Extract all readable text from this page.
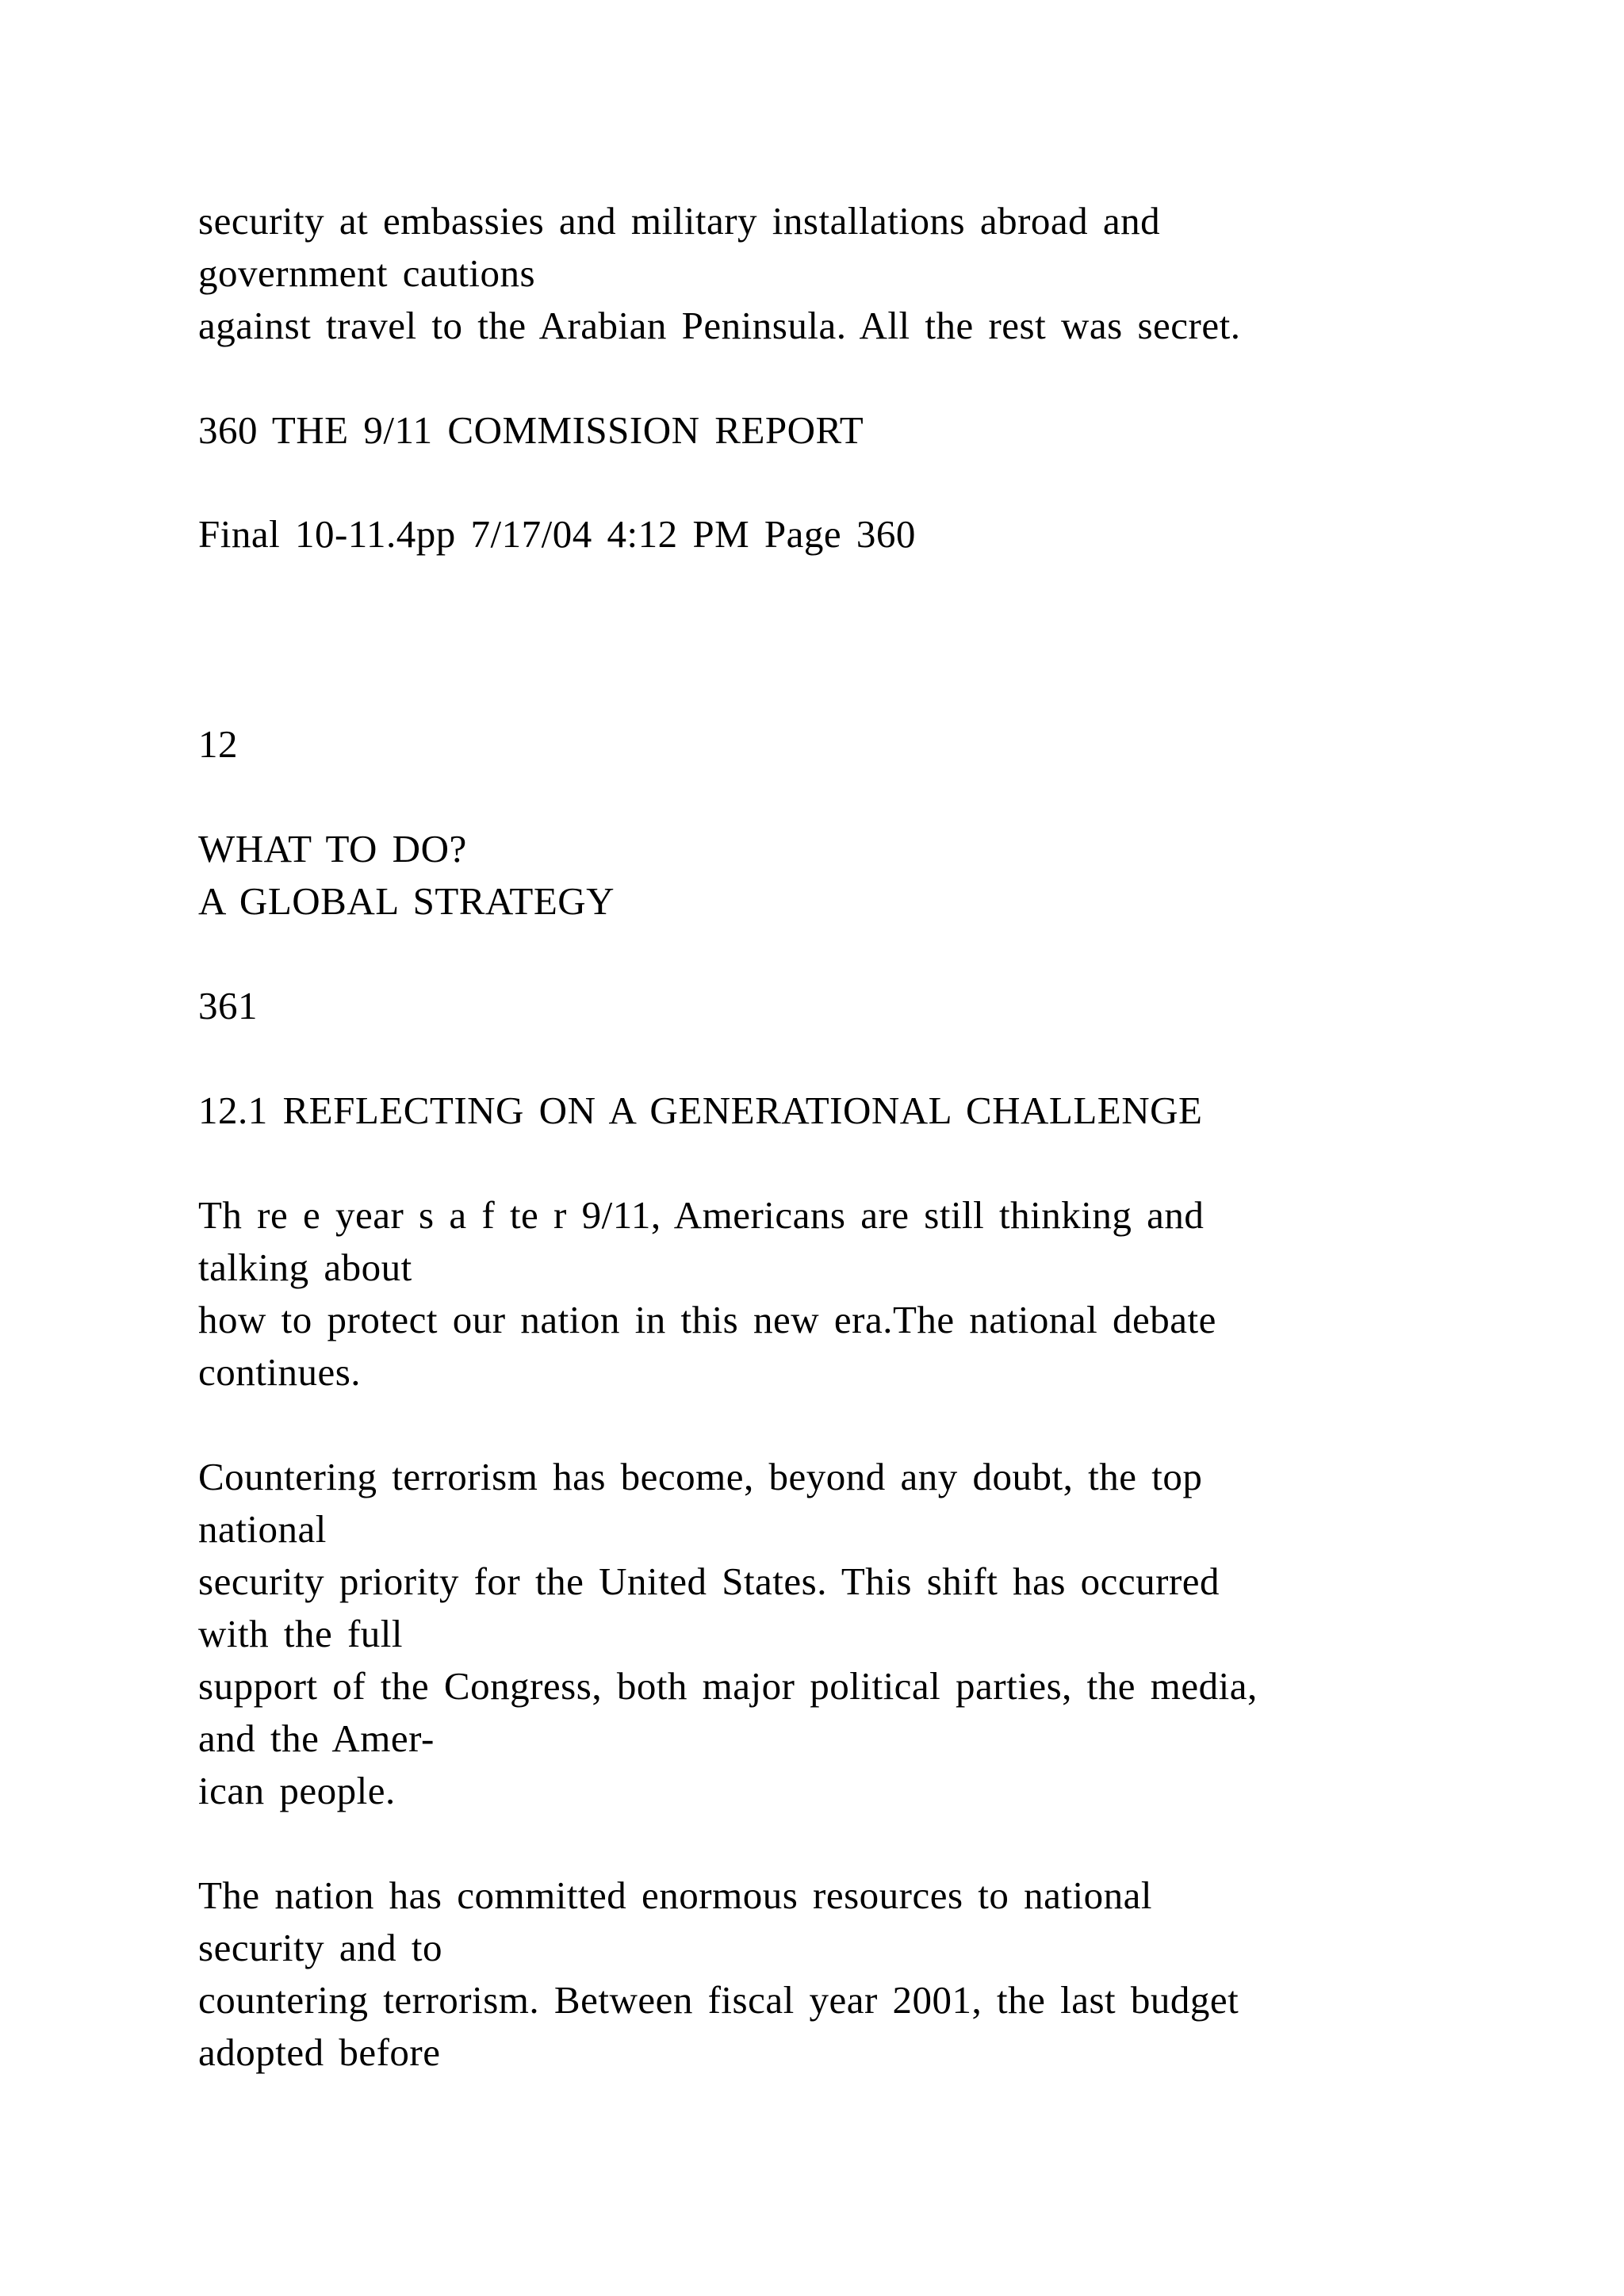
security at embassies and military installations abroad and
government cautions
against travel to the Arabian Peninsula. All the rest was secret.
360 THE 9/11 COMMISSION REPORT
Final 10-11.4pp 7/17/04 4:12 PM Page 360
12
WHAT TO DO?
A GLOBAL STRATEGY
361
12.1 REFLECTING ON A GENERATIONAL CHALLENGE
Th re e year s a f te r 9/11, Americans are still thinking and
talking about
how to protect our nation in this new era.The national debate
continues.
Countering terrorism has become, beyond any doubt, the top
national
security priority for the United States. This shift has occurred
with the full
support of the Congress, both major political parties, the media,
and the Amer-
ican people.
The nation has committed enormous resources to national
security and to
countering terrorism. Between fiscal year 2001, the last budget
adopted before
